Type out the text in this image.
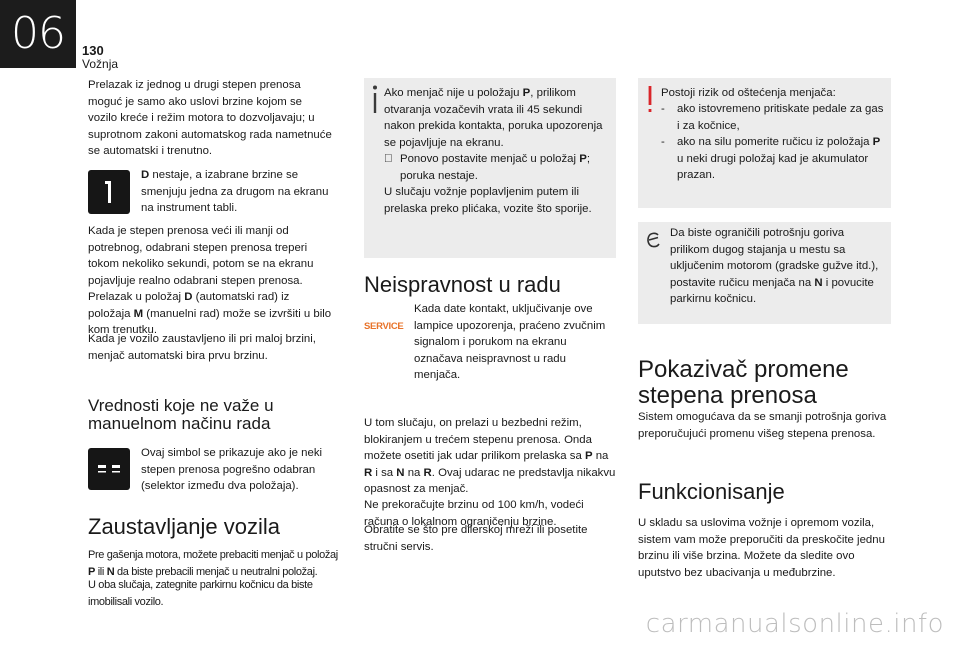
06	130
Vožnja
Prelazak iz jednog u drugi stepen prenosa moguć je samo ako uslovi brzine kojom se vozilo kreće i režim motora to dozvoljavaju; u suprotnom zakoni automatskog rada nametnuće se automatski i trenutno.
D nestaje, a izabrane brzine se smenjuju jedna za drugom na ekranu na instrument tabli.
Kada je stepen prenosa veći ili manji od potrebnog, odabrani stepen prenosa treperi tokom nekoliko sekundi, potom se na ekranu pojavljuje realno odabrani stepen prenosa.
Prelazak u položaj D (automatski rad) iz položaja M (manuelni rad) može se izvršiti u bilo kom trenutku.
Kada je vozilo zaustavljeno ili pri maloj brzini, menjač automatski bira prvu brzinu.
Vrednosti koje ne važe u manuelnom načinu rada
Ovaj simbol se prikazuje ako je neki stepen prenosa pogrešno odabran (selektor između dva položaja).
Zaustavljanje vozila
Pre gašenja motora, možete prebaciti menjač u položaj P ili N da biste prebacili menjač u neutralni položaj.
U oba slučaja, zategnite parkirnu kočnicu da biste imobilisali vozilo.
Ako menjač nije u položaju P, prilikom otvaranja vozačevih vrata ili 45 sekundi nakon prekida kontakta, poruka upozorenja se pojavljuje na ekranu.
Ponovo postavite menjač u položaj P; poruka nestaje.
U slučaju vožnje poplavljenim putem ili prelaska preko plićaka, vozite što sporije.
Neispravnost u radu
SERVICE
Kada date kontakt, uključivanje ove lampice upozorenja, praćeno zvučnim signalom i porukom na ekranu označava neispravnost u radu menjača.
U tom slučaju, on prelazi u bezbedni režim, blokiranjem u trećem stepenu prenosa. Onda možete osetiti jak udar prilikom prelaska sa P na R i sa N na R. Ovaj udarac ne predstavlja nikakvu opasnost za menjač.
Ne prekoračujte brzinu od 100 km/h, vodeći računa o lokalnom ograničenju brzine.
Obratite se što pre dilerskoj mreži ili posetite stručni servis.
Postoji rizik od oštećenja menjača:
-	ako istovremeno pritiskate pedale za gas i za kočnice,
-	ako na silu pomerite ručicu iz položaja P u neki drugi položaj kad je akumulator prazan.
Da biste ograničili potrošnju goriva prilikom dugog stajanja u mestu sa uključenim motorom (gradske gužve itd.), postavite ručicu menjača na N i povucite parkirnu kočnicu.
Pokazivač promene stepena prenosa
Sistem omogućava da se smanji potrošnja goriva preporučujući promenu višeg stepena prenosa.
Funkcionisanje
U skladu sa uslovima vožnje i opremom vozila, sistem vam može preporučiti da preskočite jednu brzinu ili više brzina. Možete da sledite ovo uputstvo bez ubacivanja u međubrzine.
carmanualsonline.info
